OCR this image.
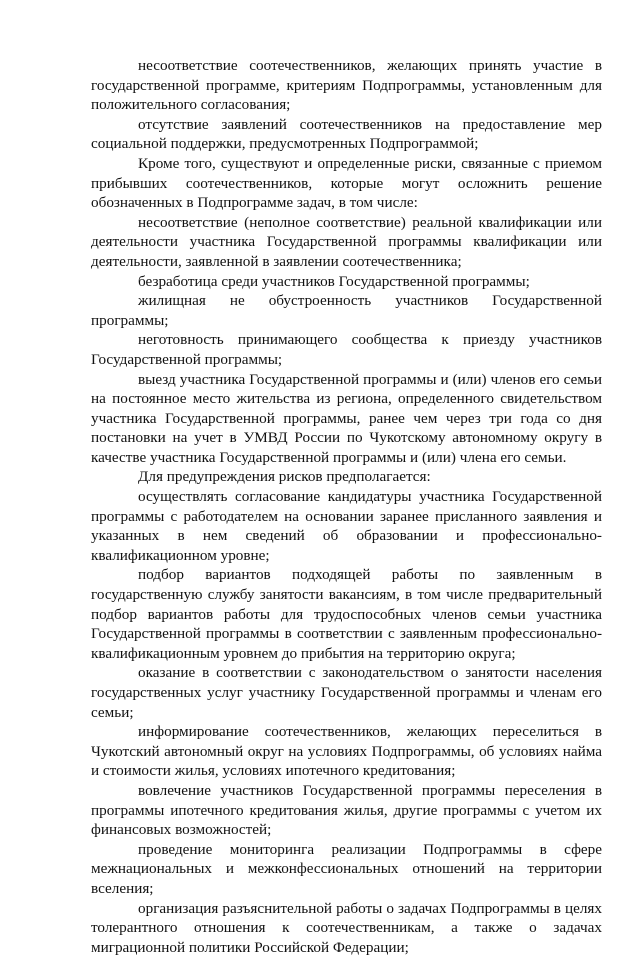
несоответствие соотечественников, желающих принять участие в государственной программе, критериям Подпрограммы, установленным для положительного согласования;

отсутствие заявлений соотечественников на предоставление мер социальной поддержки, предусмотренных Подпрограммой;

Кроме того, существуют и определенные риски, связанные с приемом прибывших соотечественников, которые могут осложнить решение обозначенных в Подпрограмме задач, в том числе:

несоответствие (неполное соответствие) реальной квалификации или деятельности участника Государственной программы квалификации или деятельности, заявленной в заявлении соотечественника;

безработица среди участников Государственной программы;

жилищная не обустроенность участников Государственной программы;

неготовность принимающего сообщества к приезду участников Государственной программы;

выезд участника Государственной программы и (или) членов его семьи на постоянное место жительства из региона, определенного свидетельством участника Государственной программы, ранее чем через три года со дня постановки на учет в УМВД России по Чукотскому автономному округу в качестве участника Государственной программы и (или) члена его семьи.

Для предупреждения рисков предполагается:

осуществлять согласование кандидатуры участника Государственной программы с работодателем на основании заранее присланного заявления и указанных в нем сведений об образовании и профессионально-квалификационном уровне;

подбор вариантов подходящей работы по заявленным в государственную службу занятости вакансиям, в том числе предварительный подбор вариантов работы для трудоспособных членов семьи участника Государственной программы в соответствии с заявленным профессионально-квалификационным уровнем до прибытия на территорию округа;

оказание в соответствии с законодательством о занятости населения государственных услуг участнику Государственной программы и членам его семьи;

информирование соотечественников, желающих переселиться в Чукотский автономный округ на условиях Подпрограммы, об условиях найма и стоимости жилья, условиях ипотечного кредитования;

вовлечение участников Государственной программы переселения в программы ипотечного кредитования жилья, другие программы с учетом их финансовых возможностей;

проведение мониторинга реализации Подпрограммы в сфере межнациональных и межконфессиональных отношений на территории вселения;

организация разъяснительной работы о задачах Подпрограммы в целях толерантного отношения к соотечественникам, а также о задачах миграционной политики Российской Федерации;
